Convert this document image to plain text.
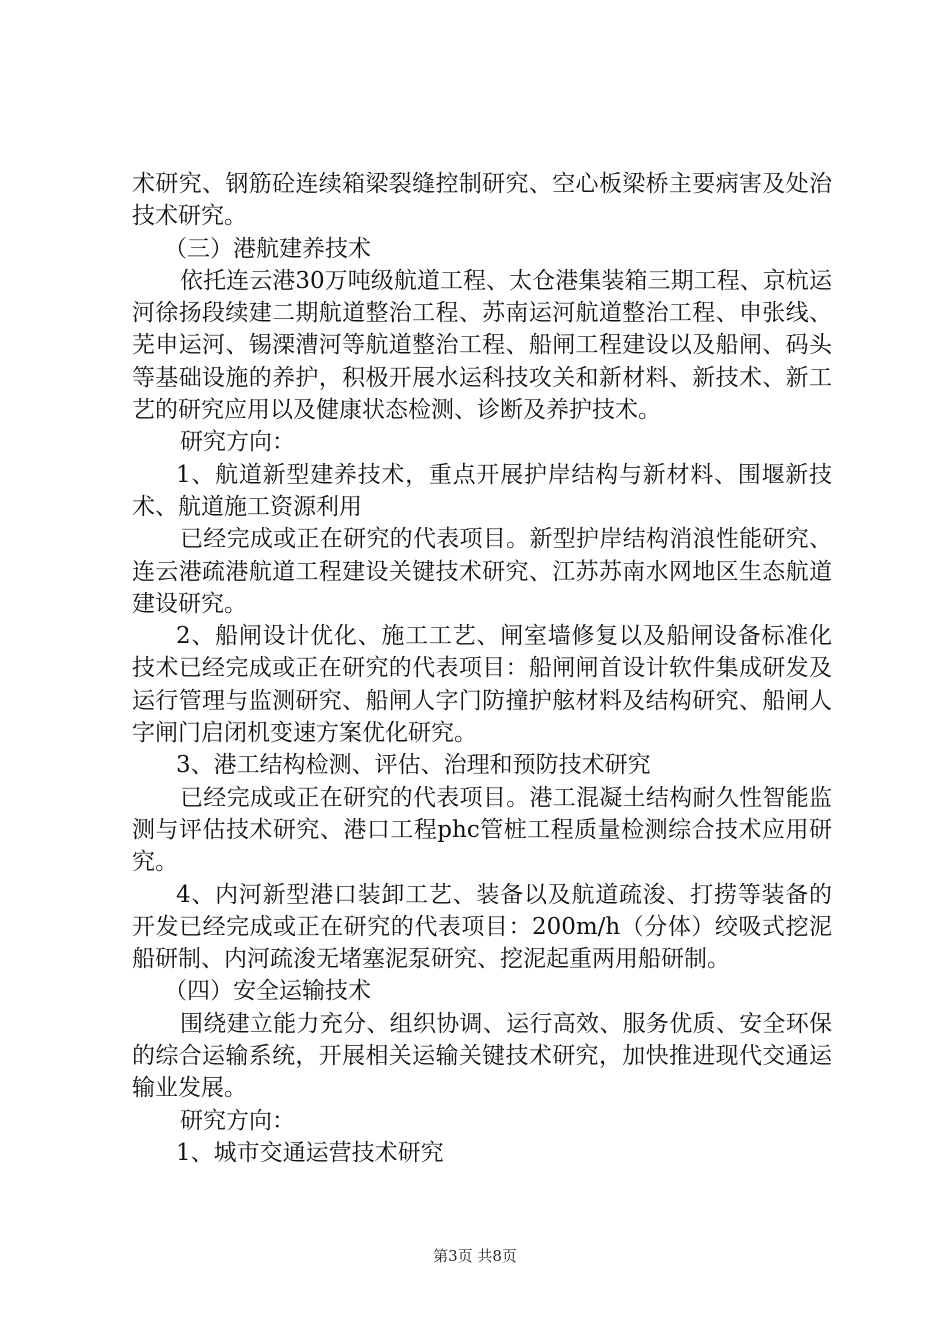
术研究、钢筋砼连续箱梁裂缝控制研究、空心板梁桥主要病害及处治技术研究。

（三）港航建养技术

依托连云港30万吨级航道工程、太仓港集装箱三期工程、京杭运河徐扬段续建二期航道整治工程、苏南运河航道整治工程、申张线、芜申运河、锡溧漕河等航道整治工程、船闸工程建设以及船闸、码头等基础设施的养护，积极开展水运科技攻关和新材料、新技术、新工艺的研究应用以及健康状态检测、诊断及养护技术。

研究方向：

1、航道新型建养技术，重点开展护岸结构与新材料、围堰新技术、航道施工资源利用

已经完成或正在研究的代表项目。新型护岸结构消浪性能研究、连云港疏港航道工程建设关键技术研究、江苏苏南水网地区生态航道建设研究。

2、船闸设计优化、施工工艺、闸室墙修复以及船闸设备标准化技术已经完成或正在研究的代表项目：船闸闸首设计软件集成研发及运行管理与监测研究、船闸人字门防撞护舷材料及结构研究、船闸人字闸门启闭机变速方案优化研究。

3、港工结构检测、评估、治理和预防技术研究

已经完成或正在研究的代表项目。港工混凝土结构耐久性智能监测与评估技术研究、港口工程phc管桩工程质量检测综合技术应用研究。

4、内河新型港口装卸工艺、装备以及航道疏浚、打捞等装备的开发已经完成或正在研究的代表项目：200m/h（分体）绞吸式挖泥船研制、内河疏浚无堵塞泥泵研究、挖泥起重两用船研制。

（四）安全运输技术

围绕建立能力充分、组织协调、运行高效、服务优质、安全环保的综合运输系统，开展相关运输关键技术研究，加快推进现代交通运输业发展。

研究方向：

1、城市交通运营技术研究

第3页 共8页
